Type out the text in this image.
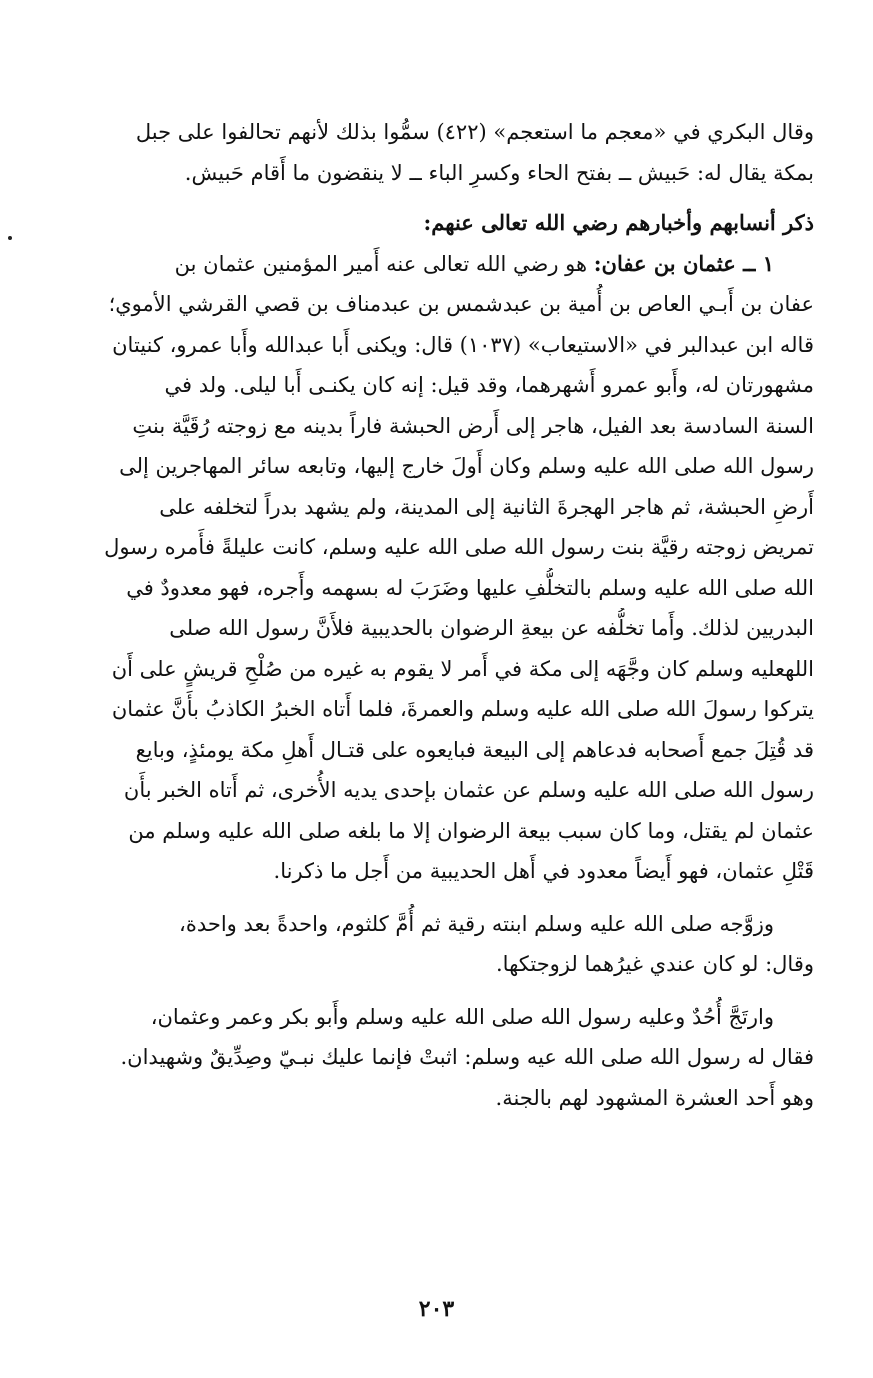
وقال البكري في «معجم ما استعجم» (٤٢٢) سمُّوا بذلك لأنهم تحالفوا على جبل
بمكة يقال له: حَبيش ــ بفتح الحاء وكسرِ الباء ــ لا ينقضون ما أَقام حَبيش.

ذكر أنسابهم وأخبارهم رضي الله تعالى عنهم:

١ ــ عثمان بن عفان: هو رضي الله تعالى عنه أَمير المؤمنين عثمان بن
عفان بن أَبـي العاص بن أُمية بن عبدشمس بن عبدمناف بن قصي القرشي الأموي؛
قاله ابن عبدالبر في «الاستيعاب» (١٠٣٧) قال: ويكنى أَبا عبدالله وأَبا عمرو، كنيتان
مشهورتان له، وأَبو عمرو أَشهرهما، وقد قيل: إنه كان يكنـى أَبا ليلى. ولد في
السنة السادسة بعد الفيل، هاجر إلى أَرض الحبشة فاراً بدينه مع زوجته رُقَيَّة بنتِ
رسول الله صلى الله عليه وسلم وكان أَولَ خارج إليها، وتابعه سائر المهاجرين إلى
أَرضِ الحبشة، ثم هاجر الهجرةَ الثانية إلى المدينة، ولم يشهد بدراً لتخلفه على
تمريض زوجته رقيَّة بنت رسول الله صلى الله عليه وسلم، كانت عليلةً فأَمره رسول
الله صلى الله عليه وسلم بالتخلُّفِ عليها وضَرَبَ له بسهمه وأَجره، فهو معدودٌ في
البدريين لذلك. وأَما تخلُّفه عن بيعةِ الرضوان بالحديبية فلأَنَّ رسول الله صلى
اللهعليه وسلم كان وجَّهَه إلى مكة في أَمر لا يقوم به غيره من صُلْحِ قريشٍ على أَن
يتركوا رسولَ الله صلى الله عليه وسلم والعمرةَ، فلما أَتاه الخبرُ الكاذبُ بأَنَّ عثمان
قد قُتِلَ جمع أَصحابه فدعاهم إلى البيعة فبايعوه على قتـال أَهلِ مكة يومئذٍ، وبايع
رسول الله صلى الله عليه وسلم عن عثمان بإحدى يديه الأُخرى، ثم أَتاه الخبر بأَن
عثمان لم يقتل، وما كان سبب بيعة الرضوان إلا ما بلغه صلى الله عليه وسلم من
قَتْلِ عثمان، فهو أَيضاً معدود في أَهل الحديبية من أَجل ما ذكرنا.

وزوَّجه صلى الله عليه وسلم ابنته رقية ثم أُمَّ كلثوم، واحدةً بعد واحدة،
وقال: لو كان عندي غيرُهما لزوجتكها.

وارتَجَّ أُحُدٌ وعليه رسول الله صلى الله عليه وسلم وأَبو بكر وعمر وعثمان،
فقال له رسول الله صلى الله عيه وسلم: اثبتْ فإنما عليك نبـيّ وصِدِّيقٌ وشهيدان.
وهو أَحد العشرة المشهود لهم بالجنة.

٢٠٣
